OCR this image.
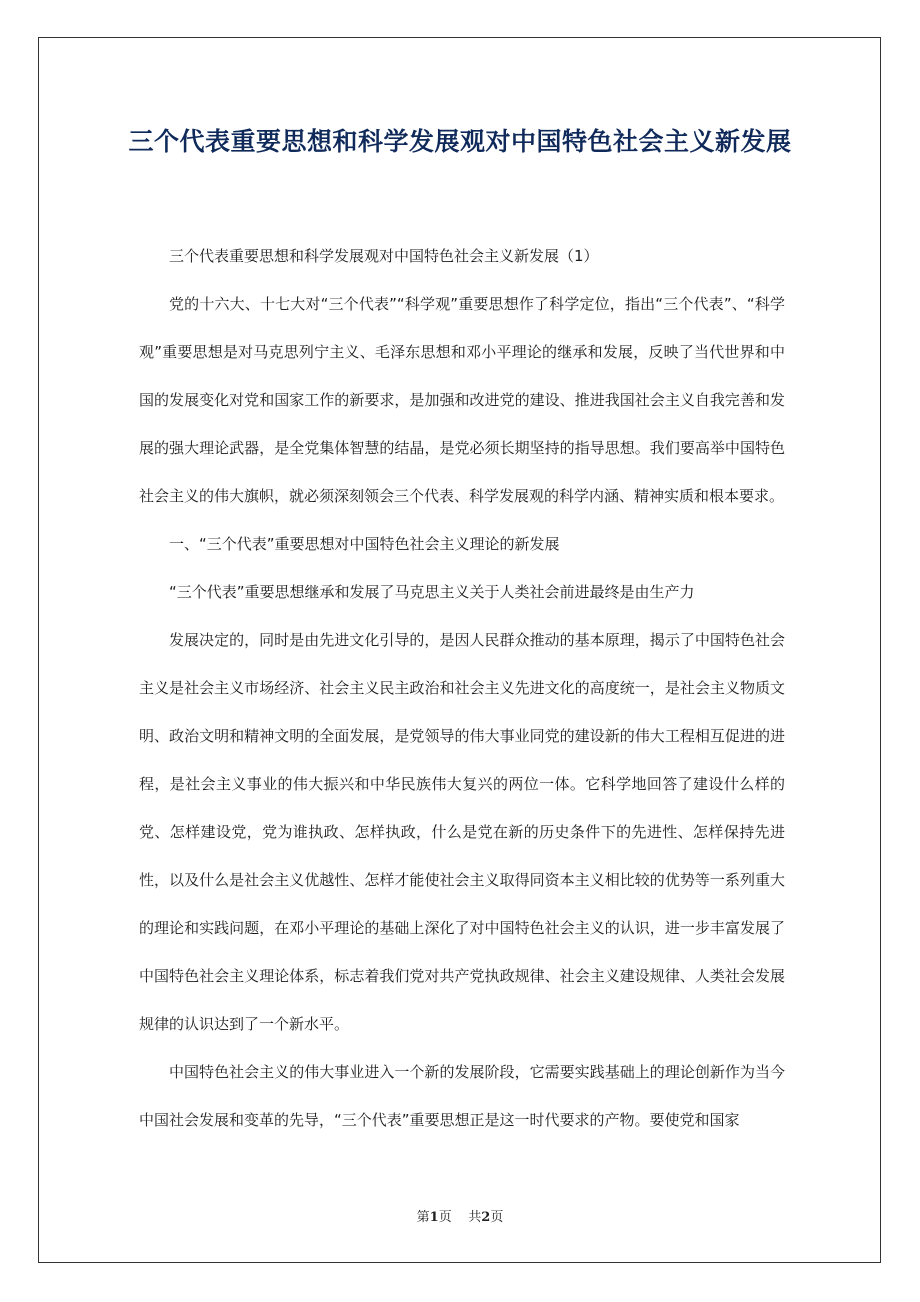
三个代表重要思想和科学发展观对中国特色社会主义新发展

三个代表重要思想和科学发展观对中国特色社会主义新发展（1）

党的十六大、十七大对“三个代表”“科学观”重要思想作了科学定位，指出“三个代表”、“科学观”重要思想是对马克思列宁主义、毛泽东思想和邓小平理论的继承和发展，反映了当代世界和中国的发展变化对党和国家工作的新要求，是加强和改进党的建设、推进我国社会主义自我完善和发展的强大理论武器，是全党集体智慧的结晶，是党必须长期坚持的指导思想。我们要高举中国特色社会主义的伟大旗帜，就必须深刻领会三个代表、科学发展观的科学内涵、精神实质和根本要求。

一、“三个代表”重要思想对中国特色社会主义理论的新发展

“三个代表”重要思想继承和发展了马克思主义关于人类社会前进最终是由生产力

发展决定的，同时是由先进文化引导的，是因人民群众推动的基本原理，揭示了中国特色社会主义是社会主义市场经济、社会主义民主政治和社会主义先进文化的高度统一，是社会主义物质文明、政治文明和精神文明的全面发展，是党领导的伟大事业同党的建设新的伟大工程相互促进的进程，是社会主义事业的伟大振兴和中华民族伟大复兴的两位一体。它科学地回答了建设什么样的党、怎样建设党，党为谁执政、怎样执政，什么是党在新的历史条件下的先进性、怎样保持先进性，以及什么是社会主义优越性、怎样才能使社会主义取得同资本主义相比较的优势等一系列重大的理论和实践问题，在邓小平理论的基础上深化了对中国特色社会主义的认识，进一步丰富发展了中国特色社会主义理论体系，标志着我们党对共产党执政规律、社会主义建设规律、人类社会发展规律的认识达到了一个新水平。

中国特色社会主义的伟大事业进入一个新的发展阶段，它需要实践基础上的理论创新作为当今中国社会发展和变革的先导，“三个代表”重要思想正是这一时代要求的产物。要使党和国家

第1页 共2页
